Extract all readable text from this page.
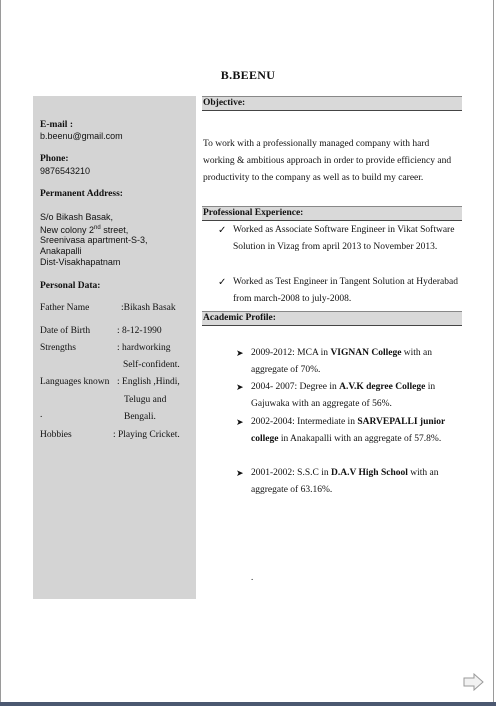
B.BEENU
E-mail :
b.beenu@gmail.com
Phone:
9876543210
Permanent Address:
S/o Bikash Basak,
New colony 2nd street,
Sreenivasa apartment-S-3,
Anakapalli
Dist-Visakhapatnam
Personal Data:
Father Name	:Bikash Basak
Date of Birth	: 8-12-1990
Strengths	: hardworking
Self-confident.
Languages known : English ,Hindi,
Telugu and
.	Bengali.
Hobbies	: Playing Cricket.
Objective:
To work with a professionally managed company with hard working & ambitious approach in order to provide efficiency and productivity to the company as well as to build my career.
Professional Experience:
✓ Worked as Associate Software Engineer in Vikat Software Solution in Vizag from april 2013 to November 2013.
✓ Worked as Test Engineer in Tangent Solution at Hyderabad from march-2008 to july-2008.
Academic Profile:
➤ 2009-2012: MCA in VIGNAN College with an aggregate of 70%.
➤ 2004- 2007: Degree in A.V.K degree College in Gajuwaka with an aggregate of 56%.
➤ 2002-2004: Intermediate in SARVEPALLI junior college in Anakapalli with an aggregate of 57.8%.
➤ 2001-2002: S.S.C in D.A.V High School with an aggregate of 63.16%.
.
